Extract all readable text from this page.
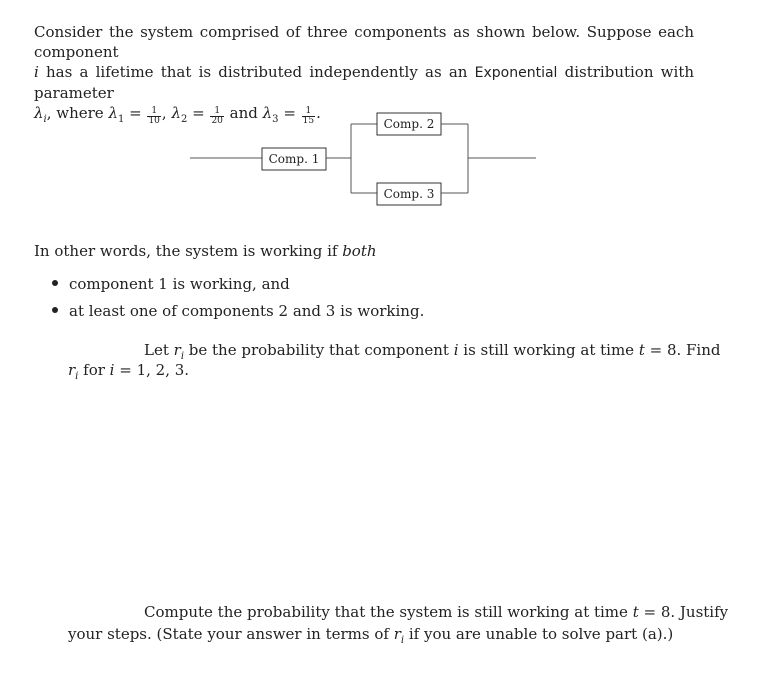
Consider the system comprised of three components as shown below. Suppose each component
i has a lifetime that is distributed independently as an Exponential distribution with parameter
$\lambda_i$, where $\lambda_1 = \frac{1}{10}$ , $\lambda_2 = \frac{1}{20}$ and $\lambda_3 = \frac{1}{15}$ .
Comp. 1
Comp. 2
Comp. 3
In other words, the system is working if both
component 1 is working, and
at least one of components 2 and 3 is working.
Let $r_i$ be the probability that component i is still working at time t = 8. Find
$r_i$ for i = 1, 2, 3.
Compute the probability that the system is still working at time t = 8. Justify
your steps. (State your answer in terms of $r_i$ if you are unable to solve part (a).)
